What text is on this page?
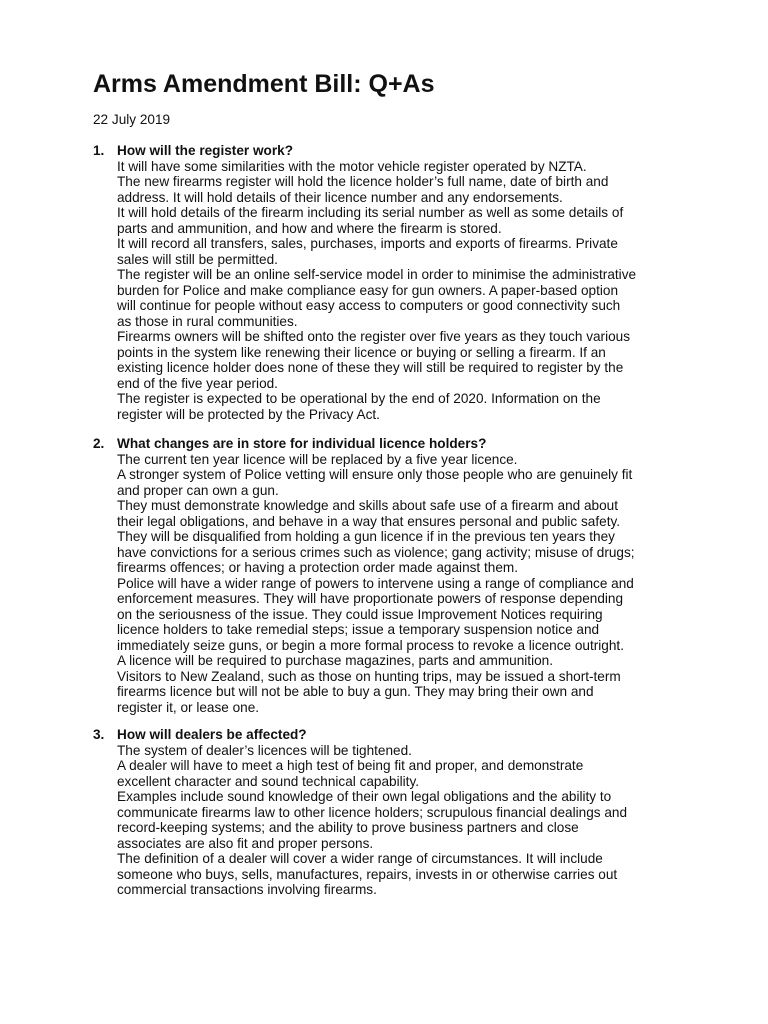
Arms Amendment Bill: Q+As
22 July 2019
1. How will the register work?
It will have some similarities with the motor vehicle register operated by NZTA.
The new firearms register will hold the licence holder’s full name, date of birth and
address. It will hold details of their licence number and any endorsements.
It will hold details of the firearm including its serial number as well as some details of
parts and ammunition, and how and where the firearm is stored.
It will record all transfers, sales, purchases, imports and exports of firearms. Private
sales will still be permitted.
The register will be an online self-service model in order to minimise the administrative
burden for Police and make compliance easy for gun owners. A paper-based option
will continue for people without easy access to computers or good connectivity such
as those in rural communities.
Firearms owners will be shifted onto the register over five years as they touch various
points in the system like renewing their licence or buying or selling a firearm. If an
existing licence holder does none of these they will still be required to register by the
end of the five year period.
The register is expected to be operational by the end of 2020. Information on the
register will be protected by the Privacy Act.
2. What changes are in store for individual licence holders?
The current ten year licence will be replaced by a five year licence.
A stronger system of Police vetting will ensure only those people who are genuinely fit
and proper can own a gun.
They must demonstrate knowledge and skills about safe use of a firearm and about
their legal obligations, and behave in a way that ensures personal and public safety.
They will be disqualified from holding a gun licence if in the previous ten years they
have convictions for a serious crimes such as violence; gang activity; misuse of drugs;
firearms offences; or having a protection order made against them.
Police will have a wider range of powers to intervene using a range of compliance and
enforcement measures. They will have proportionate powers of response depending
on the seriousness of the issue. They could issue Improvement Notices requiring
licence holders to take remedial steps; issue a temporary suspension notice and
immediately seize guns, or begin a more formal process to revoke a licence outright.
A licence will be required to purchase magazines, parts and ammunition.
Visitors to New Zealand, such as those on hunting trips, may be issued a short-term
firearms licence but will not be able to buy a gun. They may bring their own and
register it, or lease one.
3. How will dealers be affected?
The system of dealer’s licences will be tightened.
A dealer will have to meet a high test of being fit and proper, and demonstrate
excellent character and sound technical capability.
Examples include sound knowledge of their own legal obligations and the ability to
communicate firearms law to other licence holders; scrupulous financial dealings and
record-keeping systems; and the ability to prove business partners and close
associates are also fit and proper persons.
The definition of a dealer will cover a wider range of circumstances. It will include
someone who buys, sells, manufactures, repairs, invests in or otherwise carries out
commercial transactions involving firearms.
